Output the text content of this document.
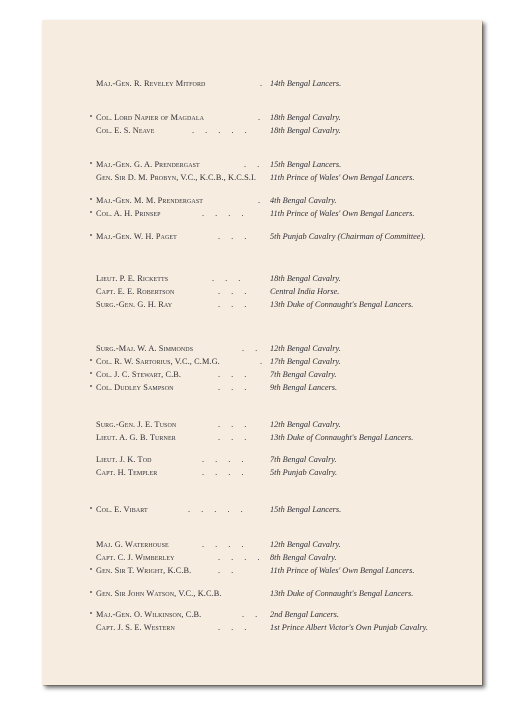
Maj.-Gen. R. Reveley Mitford	. 14th Bengal Lancers.
Col. Lord Napier of Magdala	. 18th Bengal Cavalry.
Col. E. S. Neave	. . . . . 18th Bengal Cavalry.
Maj.-Gen. G. A. Prendergast	. . 15th Bengal Lancers.
Gen. Sir D. M. Probyn, V.C., K.C.B., K.C.S.I. 11th Prince of Wales' Own Bengal Lancers.
Maj.-Gen. M. M. Prendergast	. 4th Bengal Cavalry.
Col. A. H. Prinsep	. . . .	11th Prince of Wales' Own Bengal Lancers.
Maj.-Gen. W. H. Paget	. . . 5th Punjab Cavalry (Chairman of Committee).
Lieut. P. E. Ricketts	. . .	18th Bengal Cavalry.
Capt. E. E. Robertson	. . . Central India Horse.
Surg.-Gen. G. H. Ray	. . . 13th Duke of Connaught's Bengal Lancers.
Surg.-Maj. W. A. Simmonds	. . 12th Bengal Cavalry.
Col. R. W. Sartorius, V.C., C.M.G.	. 17th Bengal Cavalry.
Col. J. C. Stewart, C.B.	. . . 7th Bengal Cavalry.
Col. Dudley Sampson	. . . 9th Bengal Lancers.
Surg.-Gen. J. E. Tuson	. . . 12th Bengal Cavalry.
Lieut. A. G. B. Turner	. . . 13th Duke of Connaught's Bengal Lancers.
Lieut. J. K. Tod	. . . .	7th Bengal Cavalry.
Capt. H. Templer	. . . .	5th Punjab Cavalry.
Col. E. Vibart	. . . . .	15th Bengal Lancers.
Maj. G. Waterhouse	. . . .	12th Bengal Cavalry.
Capt. C. J. Wimberley	. . . . 8th Bengal Cavalry.
Gen. Sir T. Wright, K.C.B.	. .	11th Prince of Wales' Own Bengal Lancers.
Gen. Sir John Watson, V.C., K.C.B.	13th Duke of Connaught's Bengal Lancers.
Maj.-Gen. O. Wilkinson, C.B.	. . 2nd Bengal Lancers.
Capt. J. S. E. Western	. . . 1st Prince Albert Victor's Own Punjab Cavalry.
